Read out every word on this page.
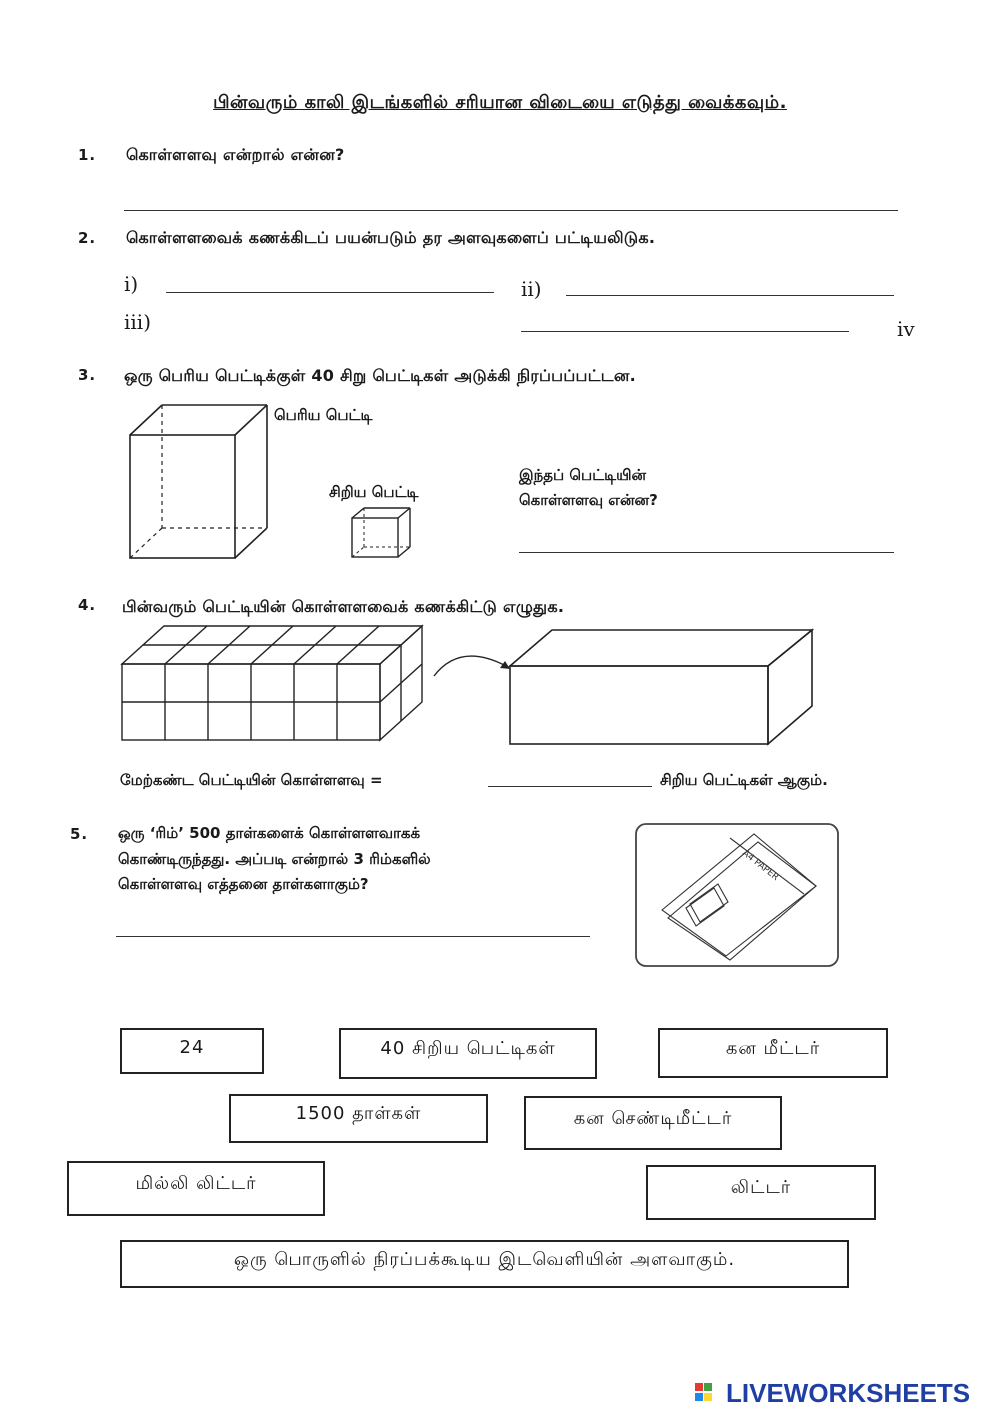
பின்வரும் காலி இடங்களில் சரியான விடையை எடுத்து வைக்கவும்.
1. கொள்ளளவு என்றால் என்ன?
2. கொள்ளளவைக் கணக்கிடப் பயன்படும் தர அளவுகளைப் பட்டியலிடுக.
i)	ii)
iii)	iv
3. ஒரு பெரிய பெட்டிக்குள் 40 சிறு பெட்டிகள் அடுக்கி நிரப்பப்பட்டன.
பெரிய பெட்டி
சிறிய பெட்டி
இந்தப் பெட்டியின்
கொள்ளளவு என்ன?
4. பின்வரும் பெட்டியின் கொள்ளளவைக் கணக்கிட்டு எழுதுக.
மேற்கண்ட பெட்டியின் கொள்ளளவு =	சிறிய பெட்டிகள் ஆகும்.
5. ஒரு ‘ரிம்’ 500 தாள்களைக் கொள்ளளவாகக்
கொண்டிருந்தது. அப்படி என்றால் 3 ரிம்களில்
கொள்ளளவு எத்தனை தாள்களாகும்?
A4 PAPER
24	40 சிறிய பெட்டிகள்	கன மீட்டர்
1500 தாள்கள்	கன செண்டிமீட்டர்
மில்லி லிட்டர்	லிட்டர்
ஒரு பொருளில் நிரப்பக்கூடிய இடவெளியின் அளவாகும்.
LIVEWORKSHEETS
